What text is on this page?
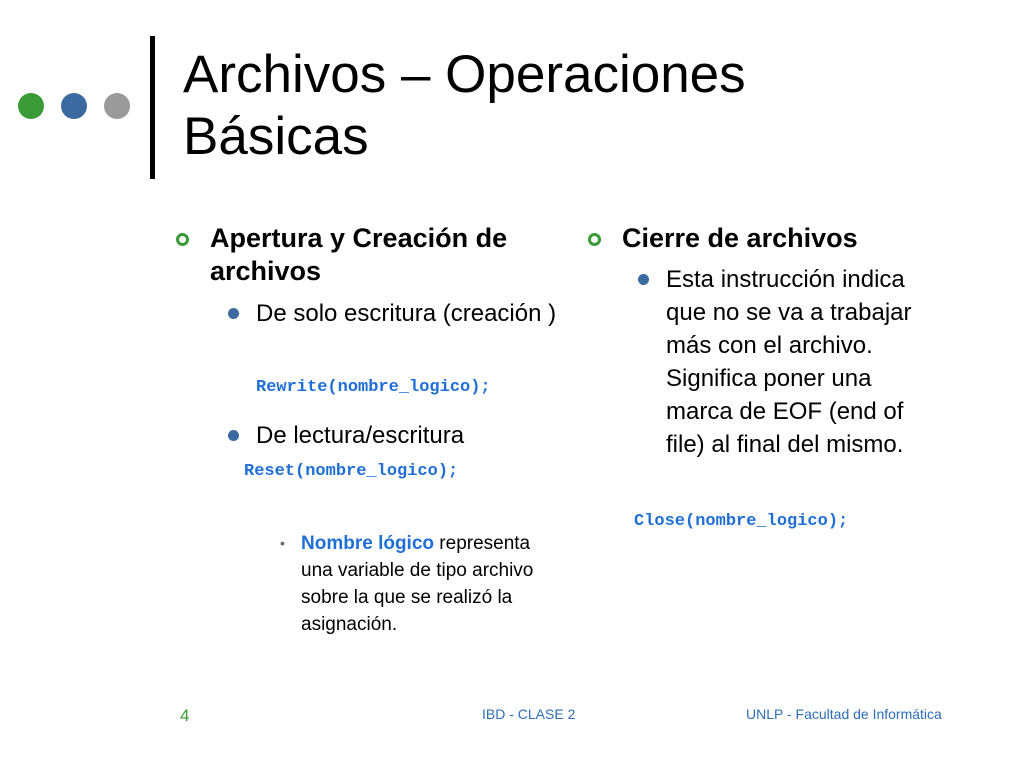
Archivos – Operaciones
Básicas
Apertura y Creación de archivos
De solo escritura (creación )
Rewrite(nombre_logico);
De lectura/escritura
Reset(nombre_logico);
• Nombre lógico representa una variable de tipo archivo sobre la que se realizó la asignación.
Cierre de archivos
Esta instrucción indica que no se va a trabajar más con el archivo. Significa poner una marca de EOF (end of file) al final del mismo.
Close(nombre_logico);
4	IBD - CLASE 2	UNLP - Facultad de Informática
